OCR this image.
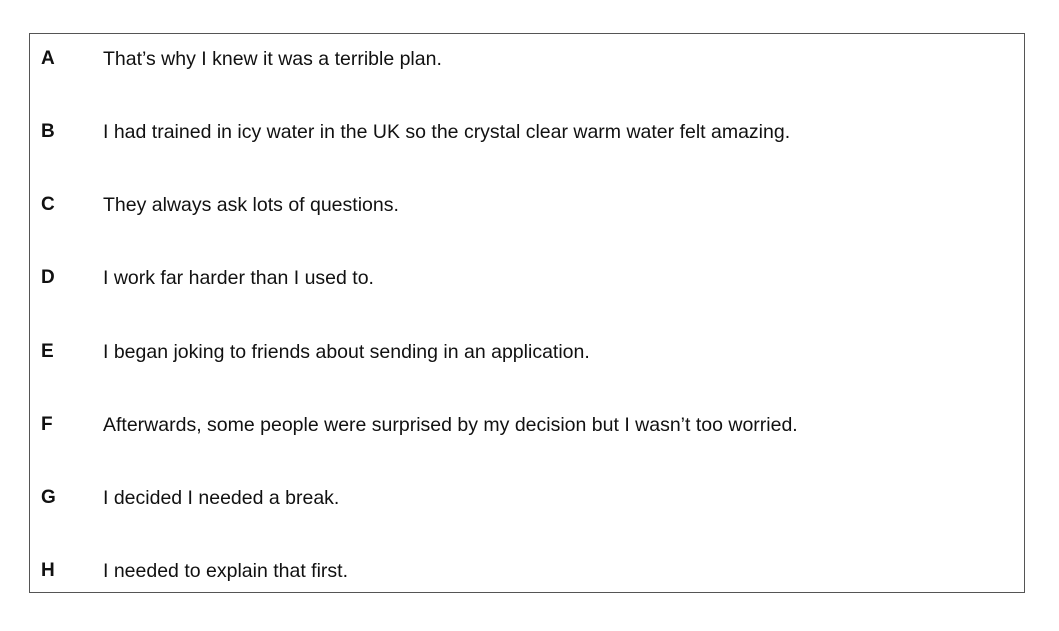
A That’s why I knew it was a terrible plan.
B I had trained in icy water in the UK so the crystal clear warm water felt amazing.
C They always ask lots of questions.
D I work far harder than I used to.
E	I began joking to friends about sending in an application.
F	Afterwards, some people were surprised by my decision but I wasn’t too worried.
G I decided I needed a break.
H I needed to explain that first.
